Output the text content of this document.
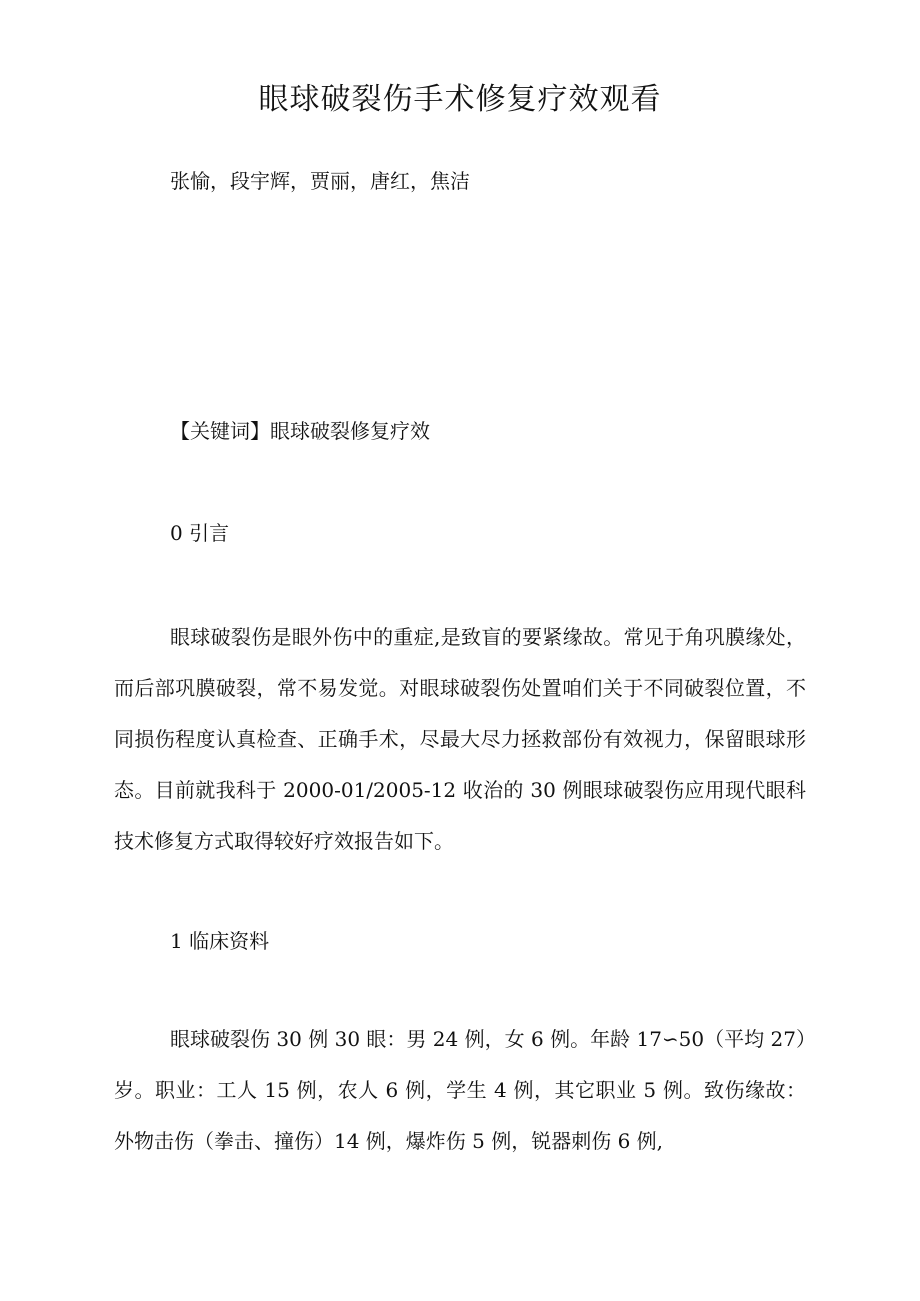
眼球破裂伤手术修复疗效观看

张愉，段宇辉，贾丽，唐红，焦洁

【关键词】眼球破裂修复疗效

0 引言

眼球破裂伤是眼外伤中的重症,是致盲的要紧缘故。常见于角巩膜缘处，而后部巩膜破裂，常不易发觉。对眼球破裂伤处置咱们关于不同破裂位置，不同损伤程度认真检查、正确手术，尽最大尽力拯救部份有效视力，保留眼球形态。目前就我科于 2000-01/2005-12 收治的 30 例眼球破裂伤应用现代眼科技术修复方式取得较好疗效报告如下。

1 临床资料

眼球破裂伤 30 例 30 眼：男 24 例，女 6 例。年龄 17∽50（平均 27）岁。职业：工人 15 例，农人 6 例，学生 4 例，其它职业 5 例。致伤缘故：外物击伤（拳击、撞伤）14 例，爆炸伤 5 例，锐器刺伤 6 例,
